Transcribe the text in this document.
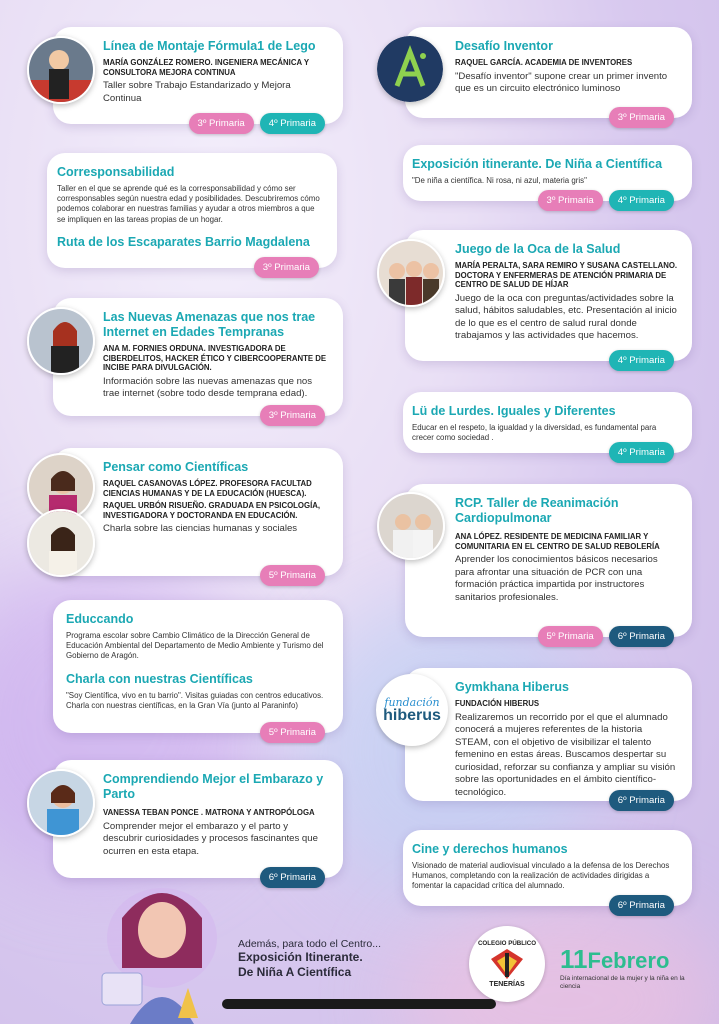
Línea de Montaje Fórmula1 de Lego
MARÍA GONZÁLEZ ROMERO. INGENIERA MECÁNICA Y CONSULTORA MEJORA CONTINUA
Taller sobre Trabajo Estandarizado y Mejora Continua
3º Primaria	4º Primaria
Corresponsabilidad
Taller en el que se aprende qué es la corresponsabilidad y cómo ser corresponsables según nuestra edad y posibilidades. Descubriremos cómo podemos colaborar en nuestras familias y ayudar a otros miembros a que se impliquen en las tareas propias de un hogar.
Ruta de los Escaparates Barrio Magdalena
3º Primaria
Las Nuevas Amenazas que nos trae Internet en Edades Tempranas
ANA M. FORNIES ORDUNA. INVESTIGADORA DE CIBERDELITOS, HACKER ÉTICO Y CIBERCOOPERANTE DE INCIBE PARA DIVULGACIÓN.
Información sobre las nuevas amenazas que nos trae internet (sobre todo desde temprana edad).
3º Primaria
Pensar como Científicas
RAQUEL CASANOVAS LÓPEZ. PROFESORA FACULTAD CIENCIAS HUMANAS Y DE LA EDUCACIÓN (HUESCA).
RAQUEL URBÓN RISUEÑO. GRADUADA EN PSICOLOGÍA, INVESTIGADORA Y DOCTORANDA EN EDUCACIÓN.
Charla sobre las ciencias humanas y sociales
5º Primaria
Educcando
Programa escolar sobre Cambio Climático de la Dirección General de Educación Ambiental del Departamento de Medio Ambiente y Turismo del Gobierno de Aragón.
Charla con nuestras Científicas
"Soy Científica, vivo en tu barrio". Visitas guiadas con centros educativos. Charla con nuestras científicas, en la Gran Vía (junto al Paraninfo)
5º Primaria
Comprendiendo Mejor el Embarazo y Parto
VANESSA TEBAN PONCE . MATRONA Y ANTROPÓLOGA
Comprender mejor el embarazo y el parto y descubrir curiosidades y procesos fascinantes que ocurren en esta etapa.
6º Primaria
Desafío Inventor
RAQUEL GARCÍA. ACADEMIA DE INVENTORES
"Desafío inventor" supone crear un primer invento que es un circuito electrónico luminoso
3º Primaria
Exposición itinerante. De Niña a Científica
"De niña a científica. Ni rosa, ni azul, materia gris"
3º Primaria	4º Primaria
Juego de la Oca de la Salud
MARÍA PERALTA, SARA REMIRO Y SUSANA CASTELLANO. DOCTORA Y ENFERMERAS DE ATENCIÓN PRIMARIA DE CENTRO DE SALUD DE HÍJAR
Juego de la oca con preguntas/actividades sobre la salud, hábitos saludables, etc. Presentación al inicio de lo que es el centro de salud rural donde trabajamos y las actividades que hacemos.
4º Primaria
Lü de Lurdes. Iguales y Diferentes
Educar en el respeto, la igualdad y la diversidad, es fundamental para crecer como sociedad .
4º Primaria
RCP. Taller de Reanimación Cardiopulmonar
ANA LÓPEZ. RESIDENTE DE MEDICINA FAMILIAR Y COMUNITARIA EN EL CENTRO DE SALUD REBOLERÍA
Aprender los conocimientos básicos necesarios para afrontar una situación de PCR con una formación práctica impartida por instructores sanitarios profesionales.
5º Primaria	6º Primaria
fundación
hiberus
Gymkhana Hiberus
FUNDACIÓN HIBERUS
Realizaremos un recorrido por el que el alumnado conocerá a mujeres referentes de la historia STEAM, con el objetivo de visibilizar el talento femenino en estas áreas. Buscamos despertar su curiosidad, reforzar su confianza y ampliar su visión sobre las oportunidades en el ámbito científico-tecnológico.
6º Primaria
Cine y derechos humanos
Visionado de material audiovisual vinculado a la defensa de los Derechos Humanos, completando con la realización de actividades dirigidas a fomentar la capacidad crítica del alumnado.
6º Primaria
Además, para todo el Centro...
Exposición Itinerante.
De Niña A Científica
COLEGIO PÚBLICO
TENERÍAS
11 Febrero
Día internacional de la mujer y la niña en la ciencia
